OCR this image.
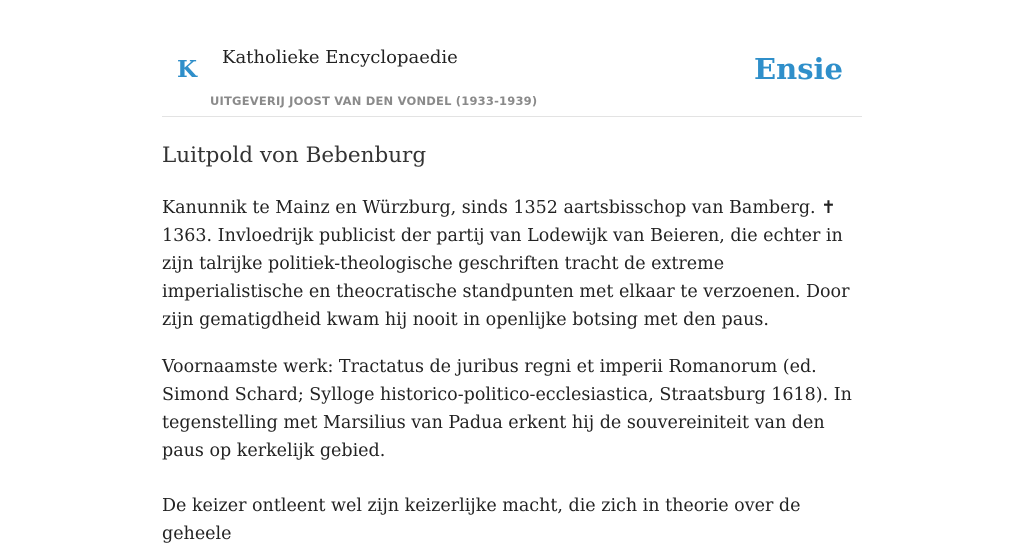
K Katholieke Encyclopaedie
UITGEVERIJ JOOST VAN DEN VONDEL (1933-1939)
Ensie
Luitpold von Bebenburg

Kanunnik te Mainz en Würzburg, sinds 1352 aartsbisschop van Bamberg. ✝ 1363. Invloedrijk publicist der partij van Lodewijk van Beieren, die echter in zijn talrijke politiek-theologische geschriften tracht de extreme imperialistische en theocratische standpunten met elkaar te verzoenen. Door zijn gematigdheid kwam hij nooit in openlijke botsing met den paus.

Voornaamste werk: Tractatus de juribus regni et imperii Romanorum (ed. Simond Schard; Sylloge historico-politico-ecclesiastica, Straatsburg 1618). In tegenstelling met Marsilius van Padua erkent hij de souvereiniteit van den paus op kerkelijk gebied.

De keizer ontleent wel zijn keizerlijke macht, die zich in theorie over de geheele
